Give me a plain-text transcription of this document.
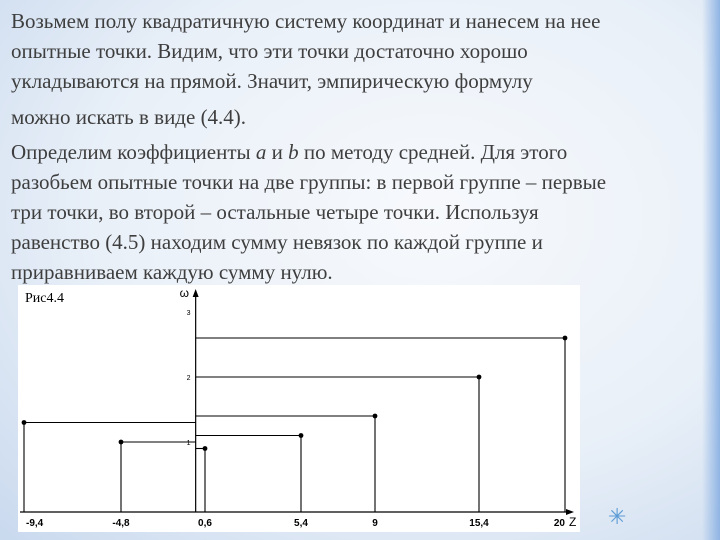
✳

Возьмем полу квадратичную систему координат и нанесем на нее
опытные точки. Видим, что эти точки достаточно хорошо
укладываются на прямой. Значит, эмпирическую формулу

можно искать в виде (4.4).

Определим коэффициенты a и b по методу средней. Для этого
разобьем опытные точки на две группы: в первой группе – первые
три точки, во второй – остальные четыре точки. Используя
равенство (4.5) находим сумму невязок по каждой группе и
приравниваем каждую сумму нулю.

ω
1
2
3
-9,4	-4,8	0,6	5,4	9	15,4	20 Z
Рис4.4
